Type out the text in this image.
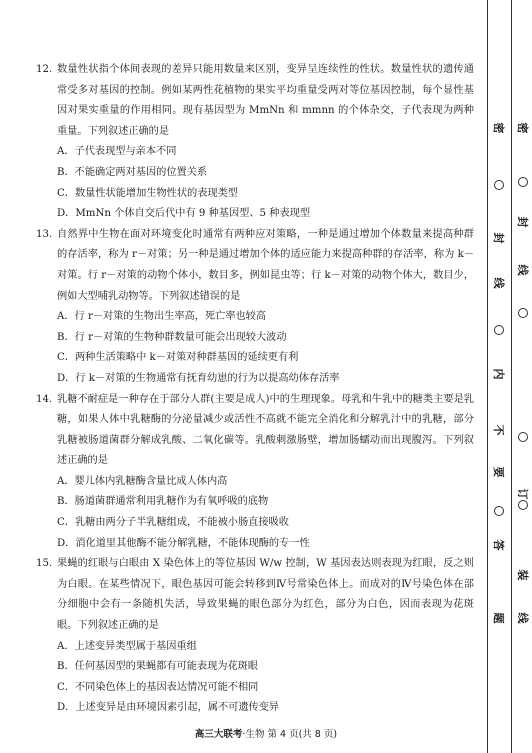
12. 数量性状指个体间表现的差异只能用数量来区别，变异呈连续性的性状。数量性状的遗传通常受多对基因的控制。例如某两性花植物的果实平均重量受两对等位基因控制，每个显性基因对果实重量的作用相同。现有基因型为 MmNn 和 mmnn 的个体杂交，子代表现为两种重量。下列叙述正确的是
A．子代表现型与亲本不同
B．不能确定两对基因的位置关系
C．数量性状能增加生物性状的表现类型
D．MmNn 个体自交后代中有 9 种基因型、5 种表现型
13. 自然界中生物在面对环境变化时通常有两种应对策略，一种是通过增加个体数量来提高种群的存活率，称为 r－对策；另一种是通过增加个体的适应能力来提高种群的存活率，称为 k－对策。行 r－对策的动物个体小，数目多，例如昆虫等；行 k－对策的动物个体大，数目少，例如大型哺乳动物等。下列叙述错误的是
A．行 r－对策的生物出生率高，死亡率也较高
B．行 r－对策的生物种群数量可能会出现较大波动
C．两种生活策略中 k－对策对种群基因的延续更有利
D．行 k－对策的生物通常有抚育幼崽的行为以提高幼体存活率
14. 乳糖不耐症是一种存在于部分人群(主要是成人)中的生理现象。母乳和牛乳中的糖类主要是乳糖，如果人体中乳糖酶的分泌量减少或活性不高就不能完全消化和分解乳汁中的乳糖，部分乳糖被肠道菌群分解成乳酸、二氧化碳等。乳酸刺激肠壁，增加肠蠕动而出现腹泻。下列叙述正确的是
A．婴儿体内乳糖酶含量比成人体内高
B．肠道菌群通常利用乳糖作为有氧呼吸的底物
C．乳糖由两分子半乳糖组成，不能被小肠直接吸收
D．消化道里其他酶不能分解乳糖，不能体现酶的专一性
15. 果蝇的红眼与白眼由 X 染色体上的等位基因 W/w 控制，W 基因表达则表现为红眼，反之则为白眼。在某些情况下，眼色基因可能会转移到Ⅳ号常染色体上。而成对的Ⅳ号染色体在部分细胞中会有一条随机失活，导致果蝇的眼色部分为红色，部分为白色，因而表现为花斑眼。下列叙述正确的是
A．上述变异类型属于基因重组
B．任何基因型的果蝇都有可能表现为花斑眼
C．不同染色体上的基因表达情况可能不相同
D．上述变异是由环境因素引起，属不可遗传变异
高三大联考·生物 第 4 页(共 8 页)
密
封
线
内
不
要
答
题
密
封
线
订
装
线
